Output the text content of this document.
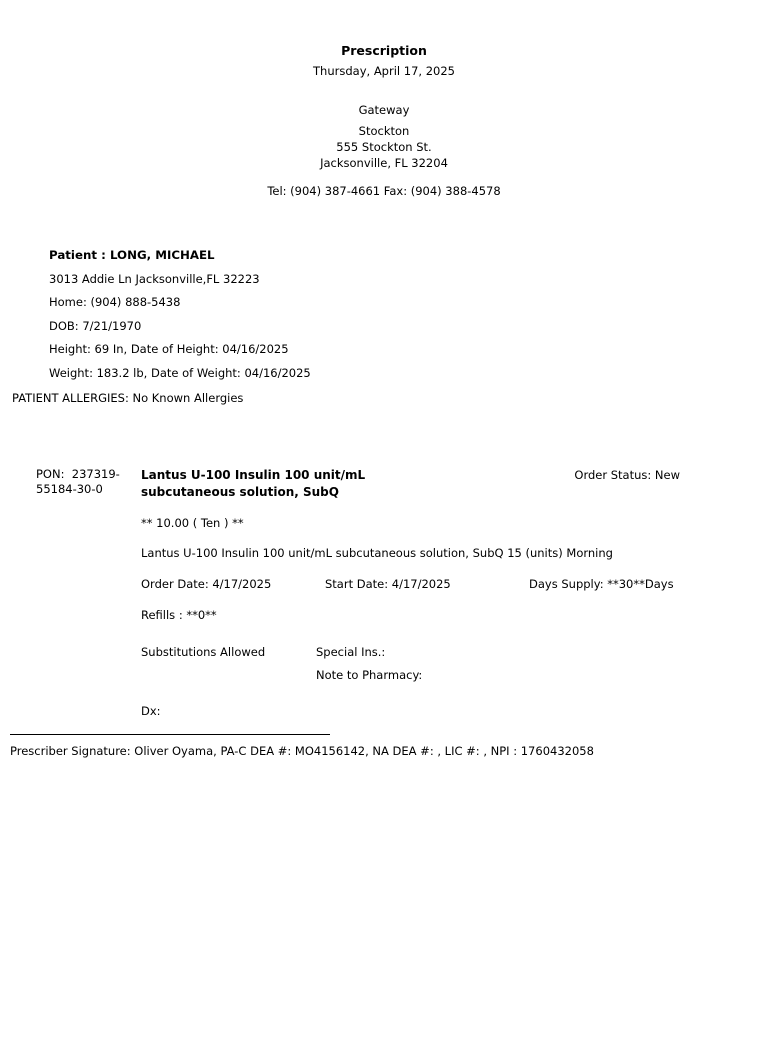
Prescription
Thursday, April 17, 2025
Gateway
Stockton
555 Stockton St.
Jacksonville, FL 32204
Tel: (904) 387-4661 Fax: (904) 388-4578
Patient : LONG, MICHAEL
3013 Addie Ln Jacksonville,FL 32223
Home: (904) 888-5438
DOB: 7/21/1970
Height: 69 In, Date of Height: 04/16/2025
Weight: 183.2 lb, Date of Weight: 04/16/2025
PATIENT ALLERGIES: No Known Allergies
PON:  237319-
55184-30-0
Lantus U-100 Insulin 100 unit/mL subcutaneous solution, SubQ
Order Status: New
** 10.00 ( Ten ) **
Lantus U-100 Insulin 100 unit/mL subcutaneous solution, SubQ 15 (units) Morning
Order Date: 4/17/2025	Start Date: 4/17/2025	Days Supply: **30**Days
Refills : **0**
Substitutions Allowed	Special Ins.:
Note to Pharmacy:
Dx:
Prescriber Signature: Oliver Oyama, PA-C DEA #: MO4156142, NA DEA #: , LIC #: , NPI : 1760432058
